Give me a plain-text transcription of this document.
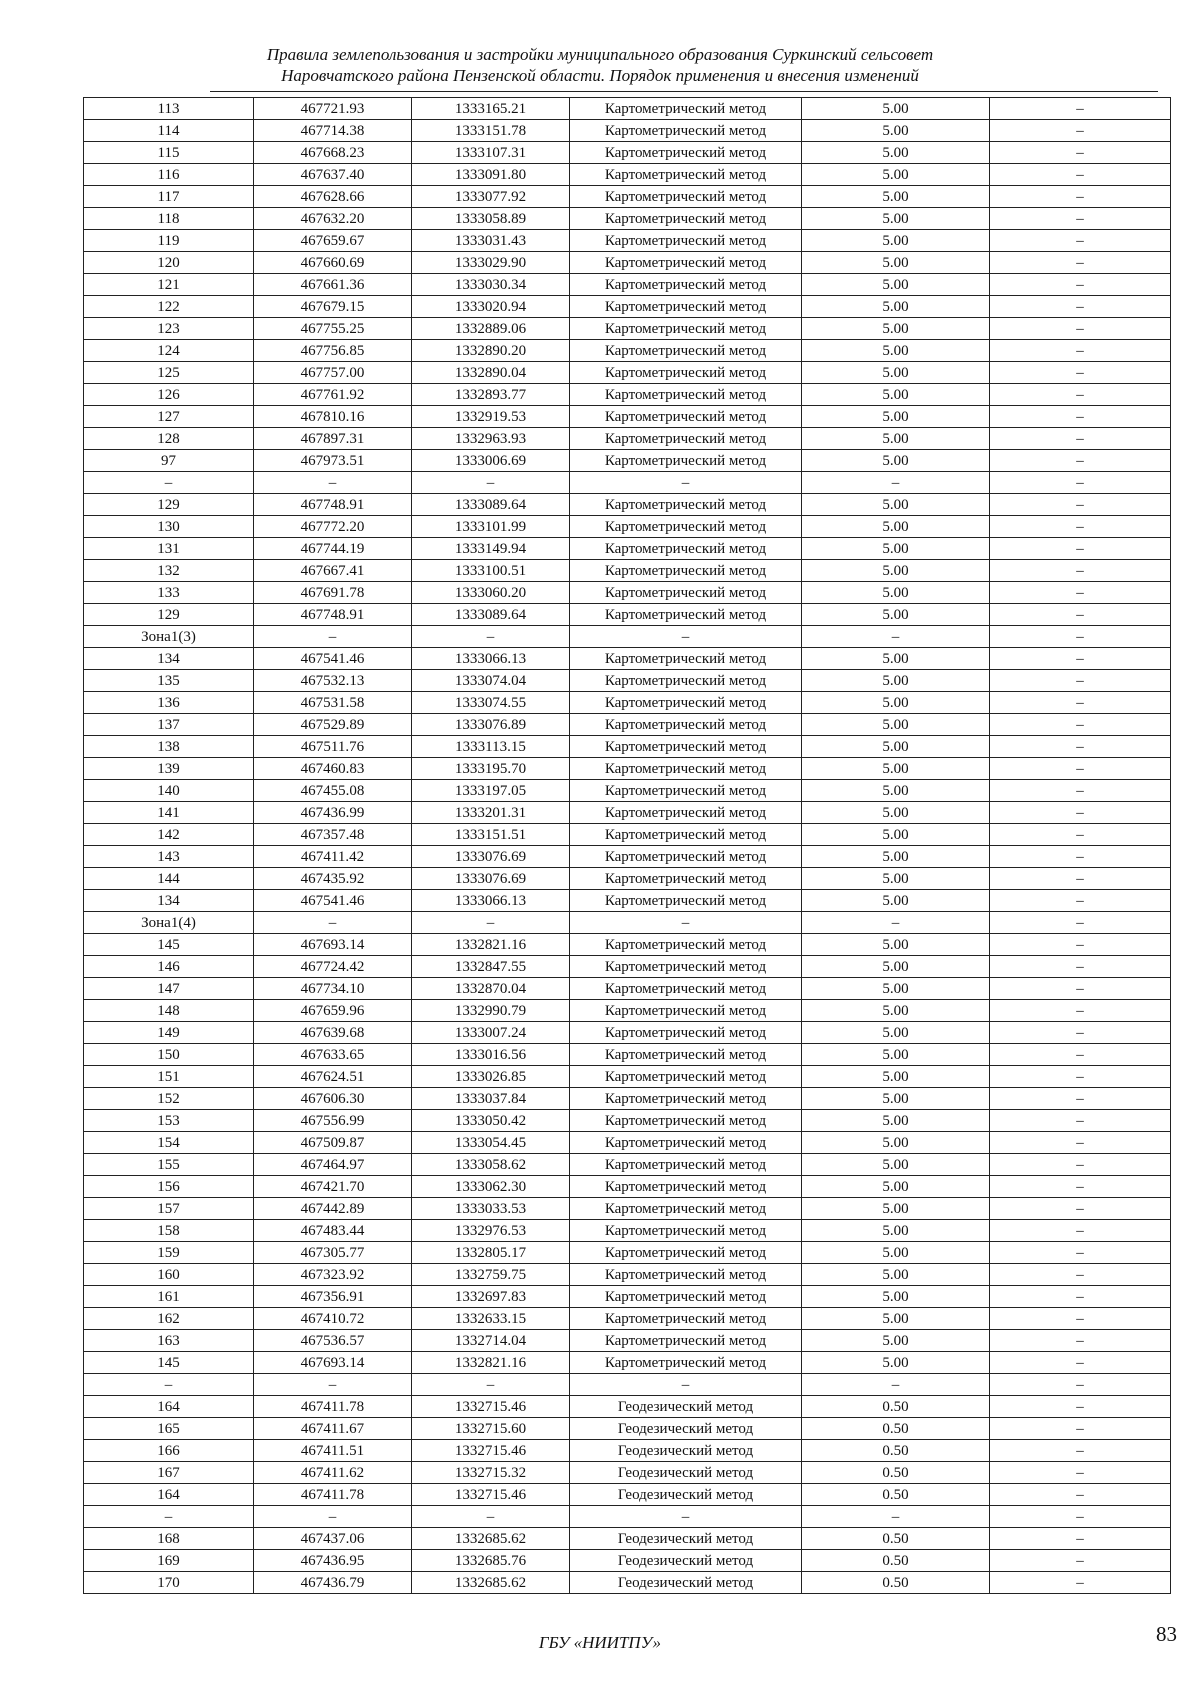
Правила землепользования и застройки муниципального образования Суркинский сельсовет
Наровчатского района Пензенской области. Порядок применения и внесения изменений
113	467721.93	1333165.21	Картометрический метод	5.00	–
114	467714.38	1333151.78	Картометрический метод	5.00	–
115	467668.23	1333107.31	Картометрический метод	5.00	–
116	467637.40	1333091.80	Картометрический метод	5.00	–
117	467628.66	1333077.92	Картометрический метод	5.00	–
118	467632.20	1333058.89	Картометрический метод	5.00	–
119	467659.67	1333031.43	Картометрический метод	5.00	–
120	467660.69	1333029.90	Картометрический метод	5.00	–
121	467661.36	1333030.34	Картометрический метод	5.00	–
122	467679.15	1333020.94	Картометрический метод	5.00	–
123	467755.25	1332889.06	Картометрический метод	5.00	–
124	467756.85	1332890.20	Картометрический метод	5.00	–
125	467757.00	1332890.04	Картометрический метод	5.00	–
126	467761.92	1332893.77	Картометрический метод	5.00	–
127	467810.16	1332919.53	Картометрический метод	5.00	–
128	467897.31	1332963.93	Картометрический метод	5.00	–
97	467973.51	1333006.69	Картометрический метод	5.00	–
–	–	–	–	–	–
129	467748.91	1333089.64	Картометрический метод	5.00	–
130	467772.20	1333101.99	Картометрический метод	5.00	–
131	467744.19	1333149.94	Картометрический метод	5.00	–
132	467667.41	1333100.51	Картометрический метод	5.00	–
133	467691.78	1333060.20	Картометрический метод	5.00	–
129	467748.91	1333089.64	Картометрический метод	5.00	–
Зона1(3)	–	–	–	–	–
134	467541.46	1333066.13	Картометрический метод	5.00	–
135	467532.13	1333074.04	Картометрический метод	5.00	–
136	467531.58	1333074.55	Картометрический метод	5.00	–
137	467529.89	1333076.89	Картометрический метод	5.00	–
138	467511.76	1333113.15	Картометрический метод	5.00	–
139	467460.83	1333195.70	Картометрический метод	5.00	–
140	467455.08	1333197.05	Картометрический метод	5.00	–
141	467436.99	1333201.31	Картометрический метод	5.00	–
142	467357.48	1333151.51	Картометрический метод	5.00	–
143	467411.42	1333076.69	Картометрический метод	5.00	–
144	467435.92	1333076.69	Картометрический метод	5.00	–
134	467541.46	1333066.13	Картометрический метод	5.00	–
Зона1(4)	–	–	–	–	–
145	467693.14	1332821.16	Картометрический метод	5.00	–
146	467724.42	1332847.55	Картометрический метод	5.00	–
147	467734.10	1332870.04	Картометрический метод	5.00	–
148	467659.96	1332990.79	Картометрический метод	5.00	–
149	467639.68	1333007.24	Картометрический метод	5.00	–
150	467633.65	1333016.56	Картометрический метод	5.00	–
151	467624.51	1333026.85	Картометрический метод	5.00	–
152	467606.30	1333037.84	Картометрический метод	5.00	–
153	467556.99	1333050.42	Картометрический метод	5.00	–
154	467509.87	1333054.45	Картометрический метод	5.00	–
155	467464.97	1333058.62	Картометрический метод	5.00	–
156	467421.70	1333062.30	Картометрический метод	5.00	–
157	467442.89	1333033.53	Картометрический метод	5.00	–
158	467483.44	1332976.53	Картометрический метод	5.00	–
159	467305.77	1332805.17	Картометрический метод	5.00	–
160	467323.92	1332759.75	Картометрический метод	5.00	–
161	467356.91	1332697.83	Картометрический метод	5.00	–
162	467410.72	1332633.15	Картометрический метод	5.00	–
163	467536.57	1332714.04	Картометрический метод	5.00	–
145	467693.14	1332821.16	Картометрический метод	5.00	–
–	–	–	–	–	–
164	467411.78	1332715.46	Геодезический метод	0.50	–
165	467411.67	1332715.60	Геодезический метод	0.50	–
166	467411.51	1332715.46	Геодезический метод	0.50	–
167	467411.62	1332715.32	Геодезический метод	0.50	–
164	467411.78	1332715.46	Геодезический метод	0.50	–
–	–	–	–	–	–
168	467437.06	1332685.62	Геодезический метод	0.50	–
169	467436.95	1332685.76	Геодезический метод	0.50	–
170	467436.79	1332685.62	Геодезический метод	0.50	–
ГБУ «НИИТПУ»	83
